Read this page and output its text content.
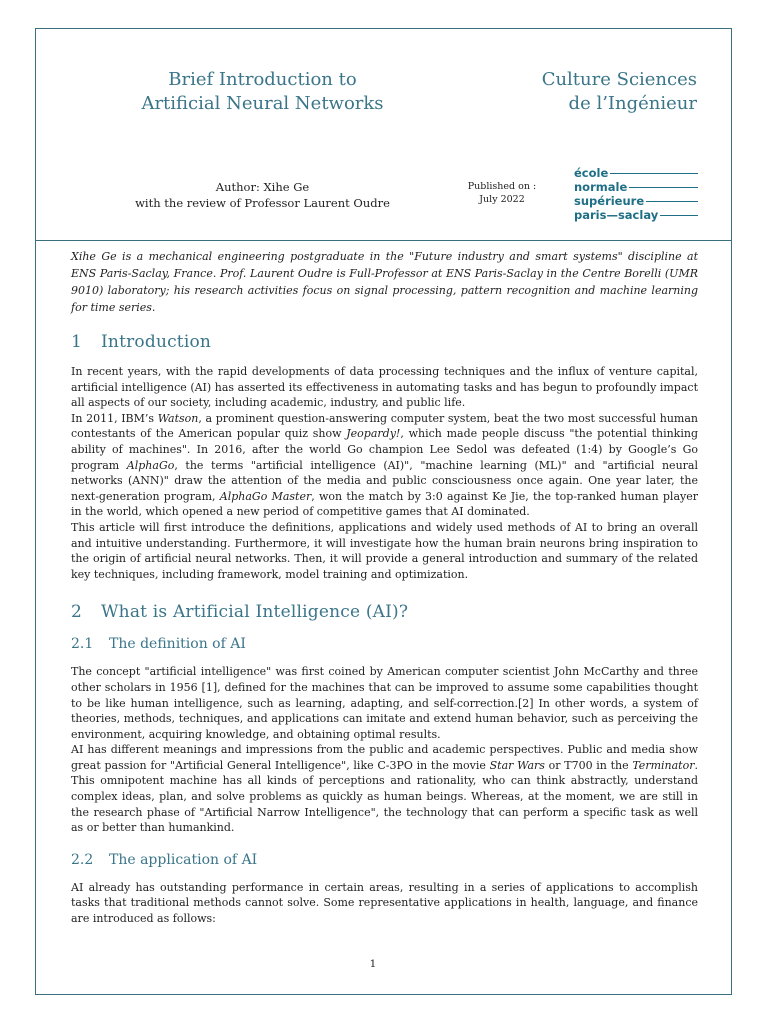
Brief Introduction to
Artificial Neural Networks
Culture Sciences
de l’Ingénieur
Author: Xihe Ge
with the review of Professor Laurent Oudre
Published on :
July 2022
école
normale
supérieure
paris—saclay
Xihe Ge is a mechanical engineering postgraduate in the "Future industry and smart systems" discipline at ENS Paris-Saclay, France. Prof. Laurent Oudre is Full-Professor at ENS Paris-Saclay in the Centre Borelli (UMR 9010) laboratory; his research activities focus on signal processing, pattern recognition and machine learning for time series.
1 Introduction

In recent years, with the rapid developments of data processing techniques and the influx of venture capital, artificial intelligence (AI) has asserted its effectiveness in automating tasks and has begun to profoundly impact all aspects of our society, including academic, industry, and public life.

In 2011, IBM’s Watson, a prominent question-answering computer system, beat the two most successful human contestants of the American popular quiz show Jeopardy!, which made people discuss "the potential thinking ability of machines". In 2016, after the world Go champion Lee Sedol was defeated (1:4) by Google’s Go program AlphaGo, the terms "artificial intelligence (AI)", "machine learning (ML)" and "artificial neural networks (ANN)" draw the attention of the media and public consciousness once again. One year later, the next-generation program, AlphaGo Master, won the match by 3:0 against Ke Jie, the top-ranked human player in the world, which opened a new period of competitive games that AI dominated.

This article will first introduce the definitions, applications and widely used methods of AI to bring an overall and intuitive understanding. Furthermore, it will investigate how the human brain neurons bring inspiration to the origin of artificial neural networks. Then, it will provide a general introduction and summary of the related key techniques, including framework, model training and optimization.

2 What is Artificial Intelligence (AI)?
2.1 The definition of AI

The concept "artificial intelligence" was first coined by American computer scientist John McCarthy and three other scholars in 1956 [1], defined for the machines that can be improved to assume some capabilities thought to be like human intelligence, such as learning, adapting, and self-correction.[2] In other words, a system of theories, methods, techniques, and applications can imitate and extend human behavior, such as perceiving the environment, acquiring knowledge, and obtaining optimal results.

AI has different meanings and impressions from the public and academic perspectives. Public and media show great passion for "Artificial General Intelligence", like C-3PO in the movie Star Wars or T700 in the Terminator. This omnipotent machine has all kinds of perceptions and rationality, who can think abstractly, understand complex ideas, plan, and solve problems as quickly as human beings. Whereas, at the moment, we are still in the research phase of "Artificial Narrow Intelligence", the technology that can perform a specific task as well as or better than humankind.

2.2 The application of AI

AI already has outstanding performance in certain areas, resulting in a series of applications to accomplish tasks that traditional methods cannot solve. Some representative applications in health, language, and finance are introduced as follows:

1
